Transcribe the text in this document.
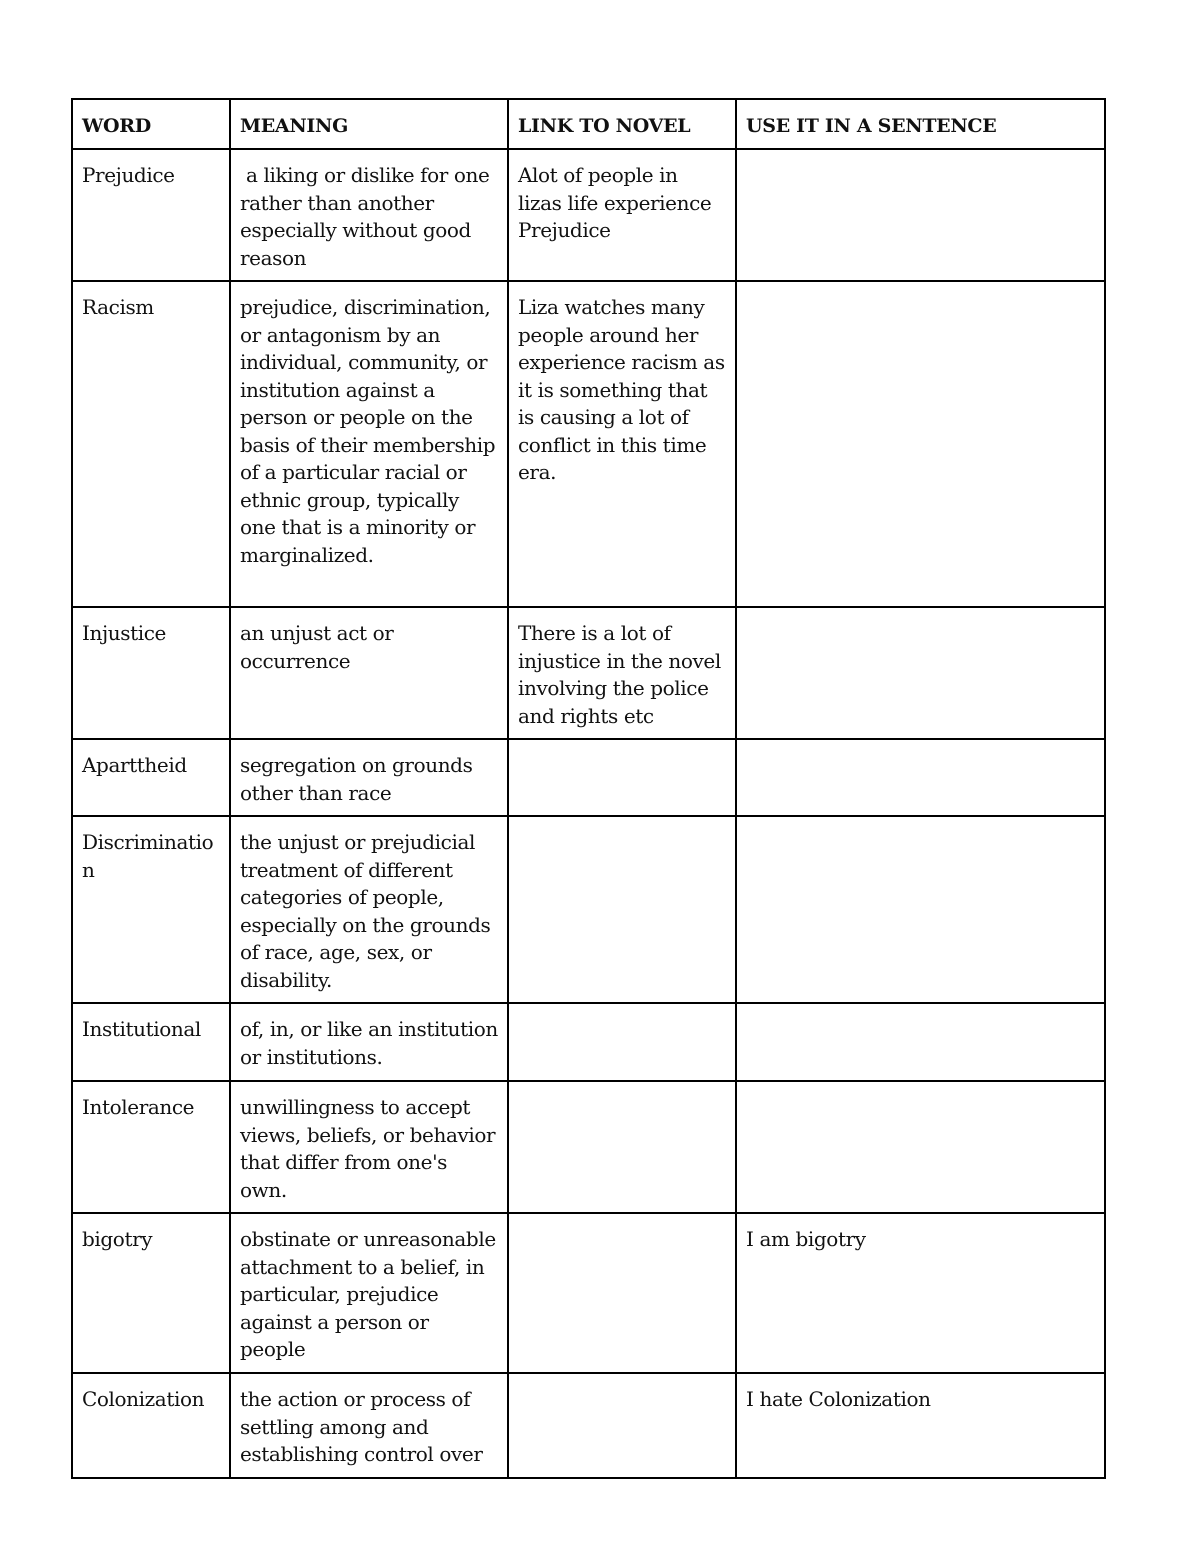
WORD	MEANING	LINK TO NOVEL	USE IT IN A SENTENCE
Prejudice	a liking or dislike for one rather than another especially without good reason	Alot of people in lizas life experience Prejudice	
Racism	prejudice, discrimination, or antagonism by an individual, community, or institution against a person or people on the basis of their membership of a particular racial or ethnic group, typically one that is a minority or marginalized.	Liza watches many people around her experience racism as it is something that is causing a lot of conflict in this time era.	
Injustice	an unjust act or occurrence	There is a lot of injustice in the novel involving the police and rights etc	
Aparttheid	segregation on grounds other than race		
Discrimination	the unjust or prejudicial treatment of different categories of people, especially on the grounds of race, age, sex, or disability.		
Institutional	of, in, or like an institution or institutions.		
Intolerance	unwillingness to accept views, beliefs, or behavior that differ from one's own.		
bigotry	obstinate or unreasonable attachment to a belief, in particular, prejudice against a person or people		I am bigotry
Colonization	the action or process of settling among and establishing control over		I hate Colonization
